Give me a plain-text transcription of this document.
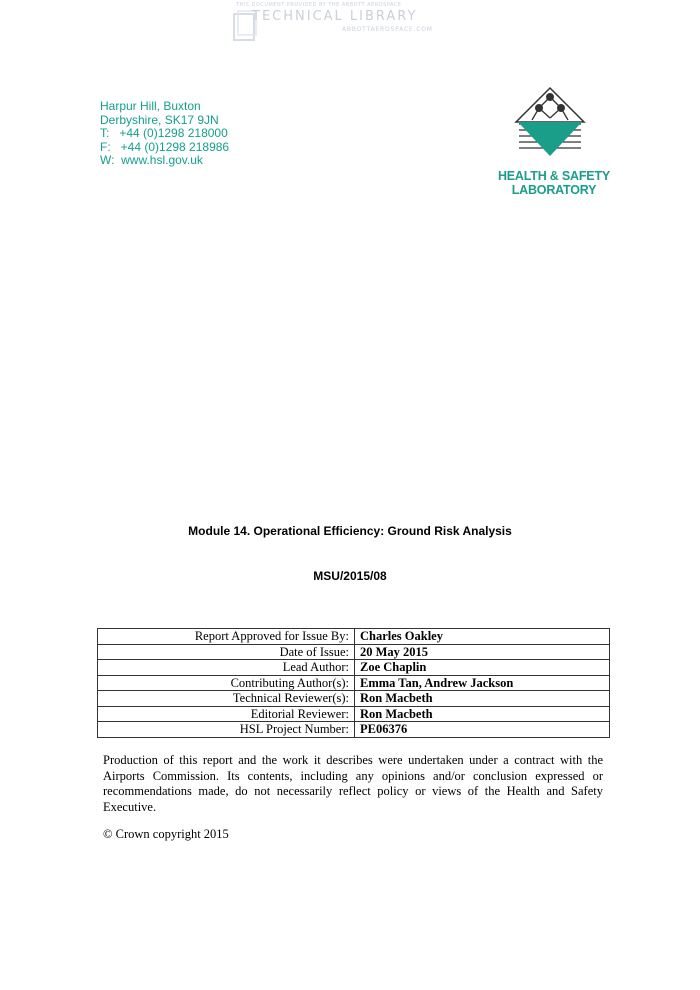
THIS DOCUMENT PROVIDED BY THE ABBOTT AEROSPACE
TECHNICAL LIBRARY
ABBOTTAEROSPACE.COM
Harpur Hill, Buxton
Derbyshire, SK17 9JN
T:   +44 (0)1298 218000
F:   +44 (0)1298 218986
W:  www.hsl.gov.uk
HEALTH & SAFETY
LABORATORY
Module 14. Operational Efficiency: Ground Risk Analysis
MSU/2015/08
Report Approved for Issue By:	Charles Oakley
Date of Issue:	20 May 2015
Lead Author:	Zoe Chaplin
Contributing Author(s):	Emma Tan, Andrew Jackson
Technical Reviewer(s):	Ron Macbeth
Editorial Reviewer:	Ron Macbeth
HSL Project Number:	PE06376
Production of this report and the work it describes were undertaken under a contract with the Airports Commission. Its contents, including any opinions and/or conclusion expressed or recommendations made, do not necessarily reflect policy or views of the Health and Safety Executive.
© Crown copyright 2015
